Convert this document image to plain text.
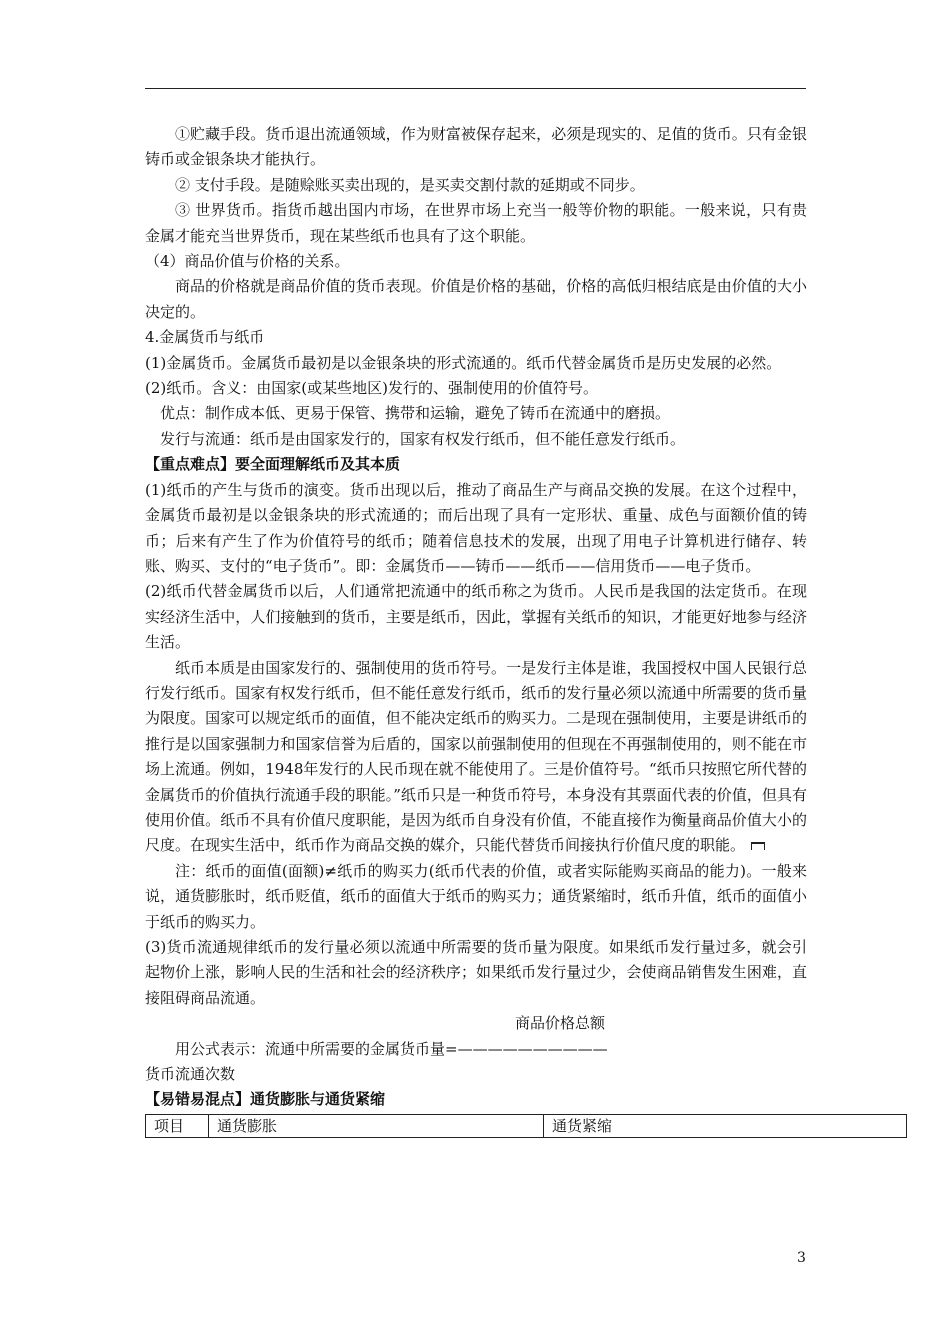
①贮藏手段。货币退出流通领域，作为财富被保存起来，必须是现实的、足值的货币。只有金银铸币或金银条块才能执行。

② 支付手段。是随赊账买卖出现的，是买卖交割付款的延期或不同步。

③ 世界货币。指货币越出国内市场，在世界市场上充当一般等价物的职能。一般来说，只有贵金属才能充当世界货币，现在某些纸币也具有了这个职能。

（4）商品价值与价格的关系。

商品的价格就是商品价值的货币表现。价值是价格的基础，价格的高低归根结底是由价值的大小决定的。

4.金属货币与纸币

(1)金属货币。金属货币最初是以金银条块的形式流通的。纸币代替金属货币是历史发展的必然。

(2)纸币。含义：由国家(或某些地区)发行的、强制使用的价值符号。

优点：制作成本低、更易于保管、携带和运输，避免了铸币在流通中的磨损。

发行与流通：纸币是由国家发行的，国家有权发行纸币，但不能任意发行纸币。

【重点难点】要全面理解纸币及其本质

(1)纸币的产生与货币的演变。货币出现以后，推动了商品生产与商品交换的发展。在这个过程中，金属货币最初是以金银条块的形式流通的；而后出现了具有一定形状、重量、成色与面额价值的铸币；后来有产生了作为价值符号的纸币；随着信息技术的发展，出现了用电子计算机进行储存、转账、购买、支付的“电子货币”。即：金属货币——铸币——纸币——信用货币——电子货币。

(2)纸币代替金属货币以后，人们通常把流通中的纸币称之为货币。人民币是我国的法定货币。在现实经济生活中，人们接触到的货币，主要是纸币，因此，掌握有关纸币的知识，才能更好地参与经济生活。

纸币本质是由国家发行的、强制使用的货币符号。一是发行主体是谁，我国授权中国人民银行总行发行纸币。国家有权发行纸币，但不能任意发行纸币，纸币的发行量必须以流通中所需要的货币量为限度。国家可以规定纸币的面值，但不能决定纸币的购买力。二是现在强制使用，主要是讲纸币的推行是以国家强制力和国家信誉为后盾的，国家以前强制使用的但现在不再强制使用的，则不能在市场上流通。例如，1948年发行的人民币现在就不能使用了。三是价值符号。“纸币只按照它所代替的金属货币的价值执行流通手段的职能。”纸币只是一种货币符号，本身没有其票面代表的价值，但具有使用价值。纸币不具有价值尺度职能，是因为纸币自身没有价值，不能直接作为衡量商品价值大小的尺度。在现实生活中，纸币作为商品交换的媒介，只能代替货币间接执行价值尺度的职能。

注：纸币的面值(面额)≠纸币的购买力(纸币代表的价值，或者实际能购买商品的能力)。一般来说，通货膨胀时，纸币贬值，纸币的面值大于纸币的购买力；通货紧缩时，纸币升值，纸币的面值小于纸币的购买力。

(3)货币流通规律纸币的发行量必须以流通中所需要的货币量为限度。如果纸币发行量过多，就会引起物价上涨，影响人民的生活和社会的经济秩序；如果纸币发行量过少，会使商品销售发生困难，直接阻碍商品流通。

商品价格总额

用公式表示：流通中所需要的金属货币量=——————————

货币流通次数

【易错易混点】通货膨胀与通货紧缩

项目	通货膨胀	通货紧缩
3
